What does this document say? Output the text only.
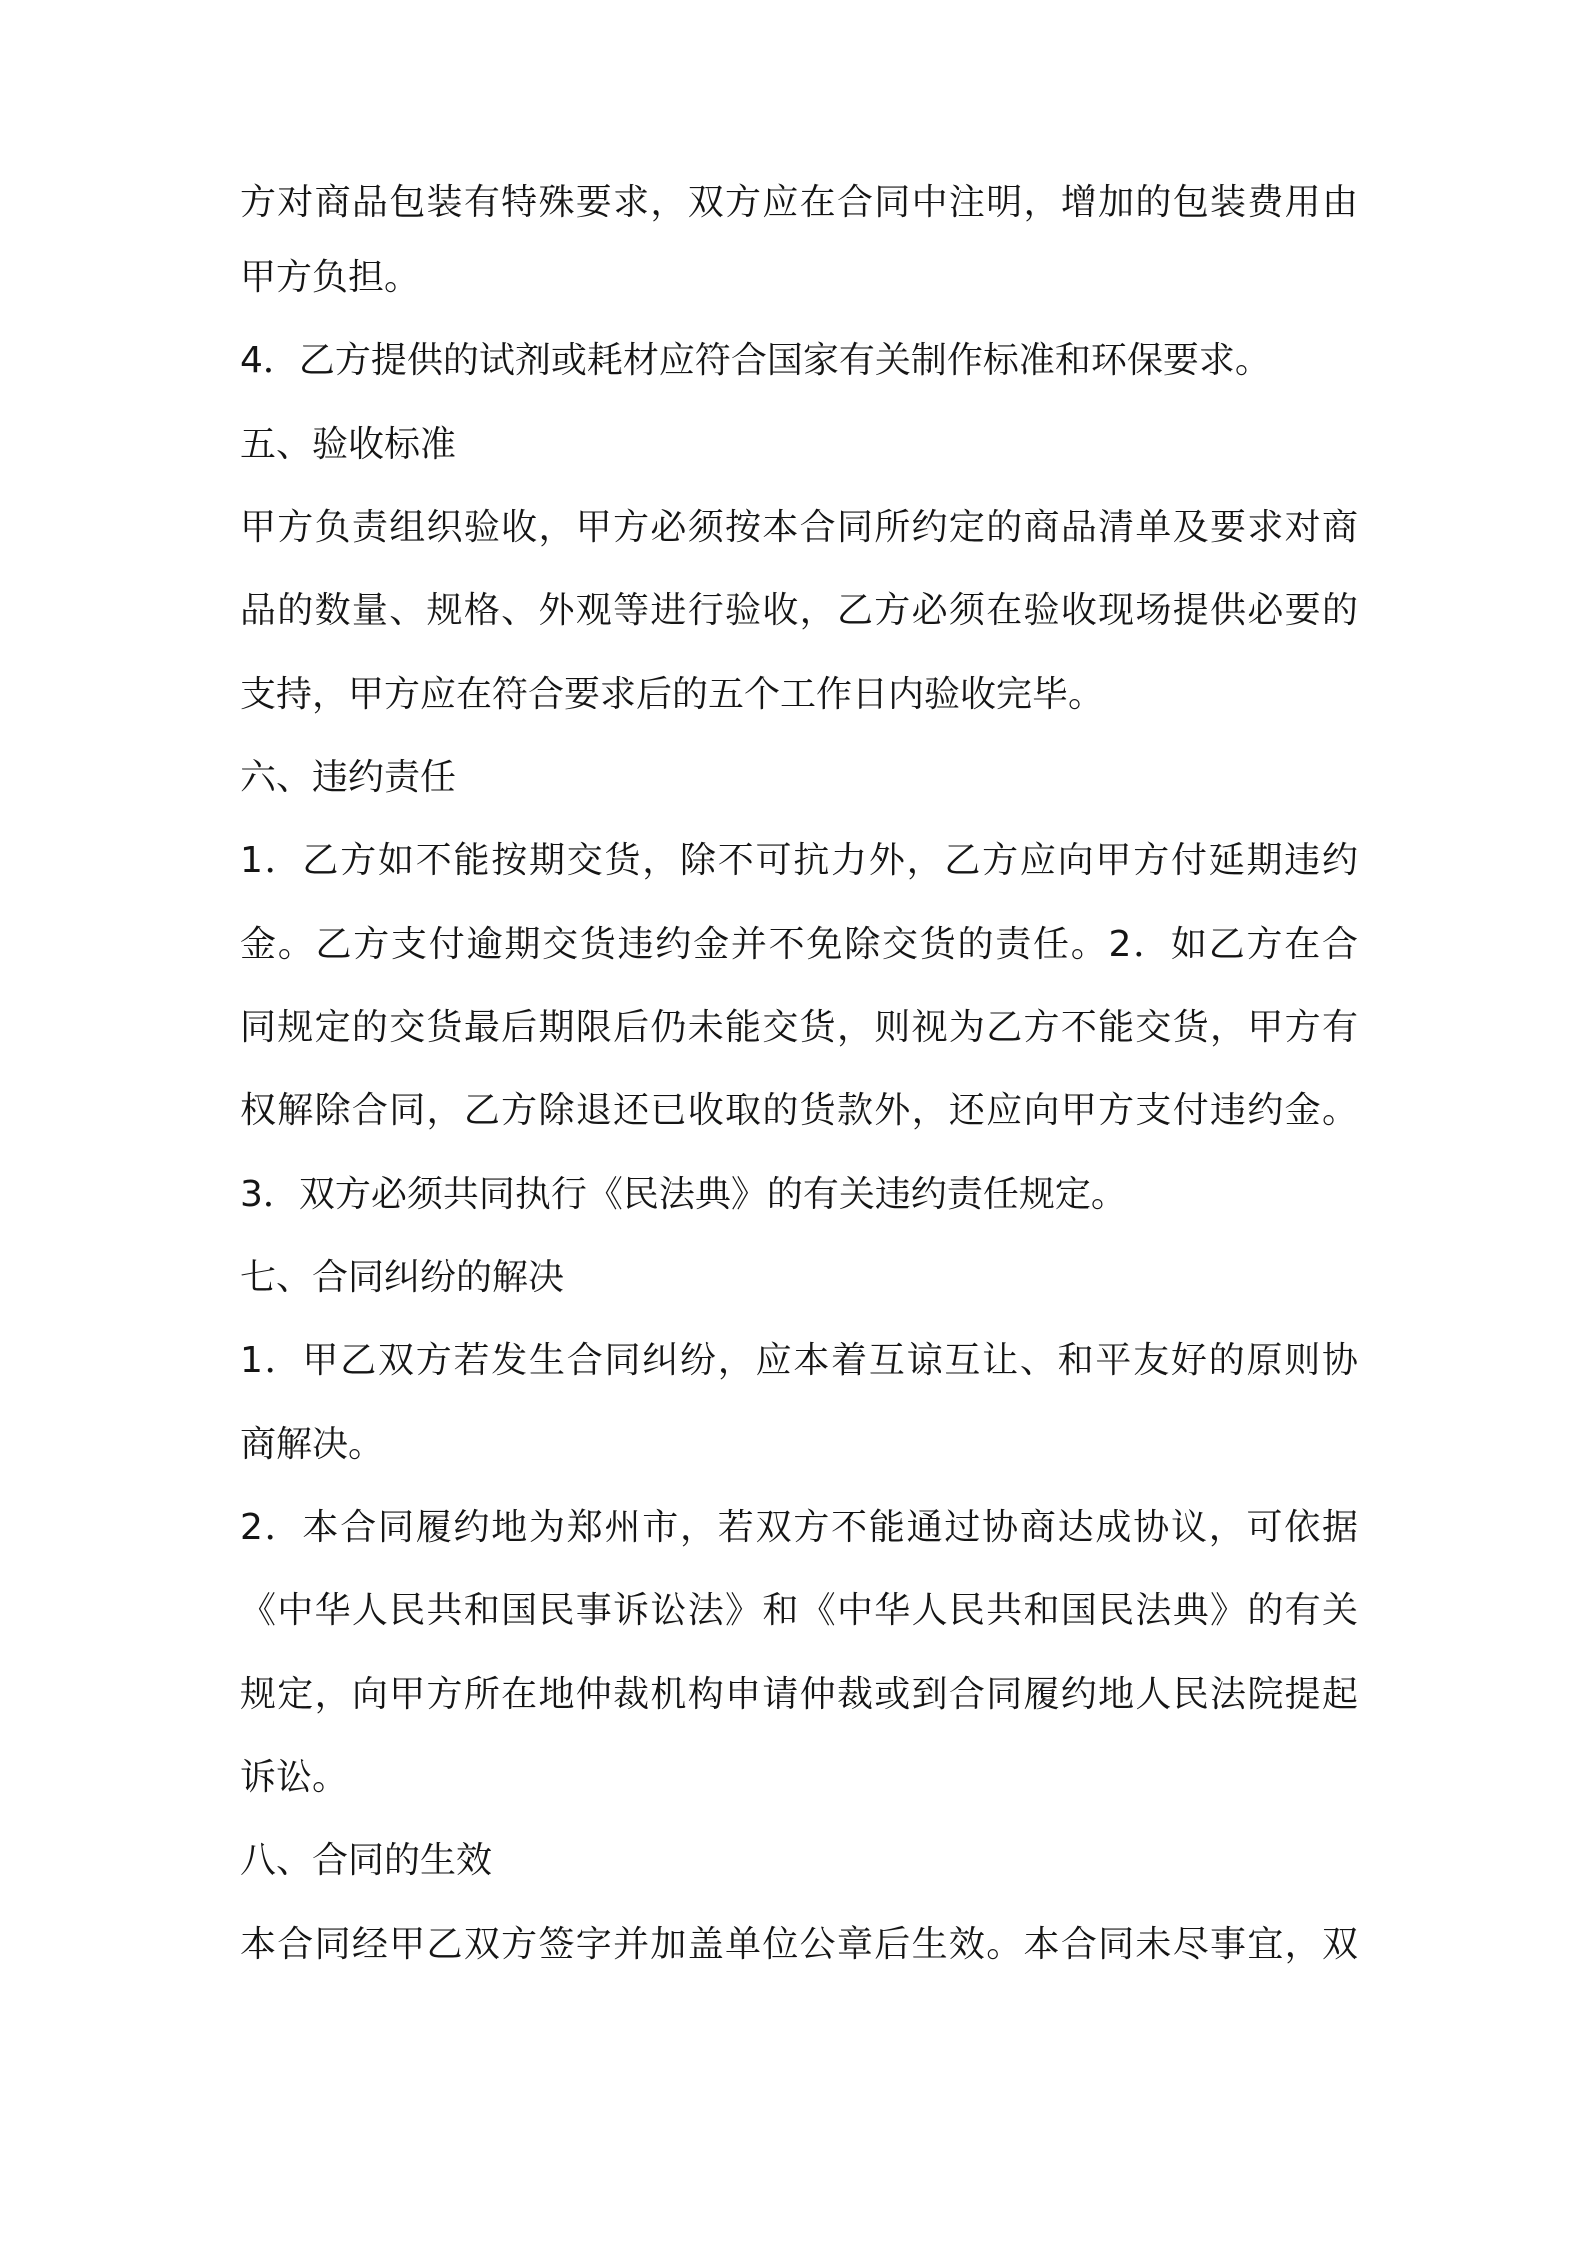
方对商品包装有特殊要求，双方应在合同中注明，增加的包装费用由
甲方负担。
4．乙方提供的试剂或耗材应符合国家有关制作标准和环保要求。
五、验收标准
甲方负责组织验收，甲方必须按本合同所约定的商品清单及要求对商
品的数量、规格、外观等进行验收，乙方必须在验收现场提供必要的
支持，甲方应在符合要求后的五个工作日内验收完毕。
六、违约责任
1．乙方如不能按期交货，除不可抗力外，乙方应向甲方付延期违约
金。乙方支付逾期交货违约金并不免除交货的责任。2．如乙方在合
同规定的交货最后期限后仍未能交货，则视为乙方不能交货，甲方有
权解除合同，乙方除退还已收取的货款外，还应向甲方支付违约金。
3．双方必须共同执行《民法典》的有关违约责任规定。
七、合同纠纷的解决
1．甲乙双方若发生合同纠纷，应本着互谅互让、和平友好的原则协
商解决。
2．本合同履约地为郑州市，若双方不能通过协商达成协议，可依据
《中华人民共和国民事诉讼法》和《中华人民共和国民法典》的有关
规定，向甲方所在地仲裁机构申请仲裁或到合同履约地人民法院提起
诉讼。
八、合同的生效
本合同经甲乙双方签字并加盖单位公章后生效。本合同未尽事宜，双
